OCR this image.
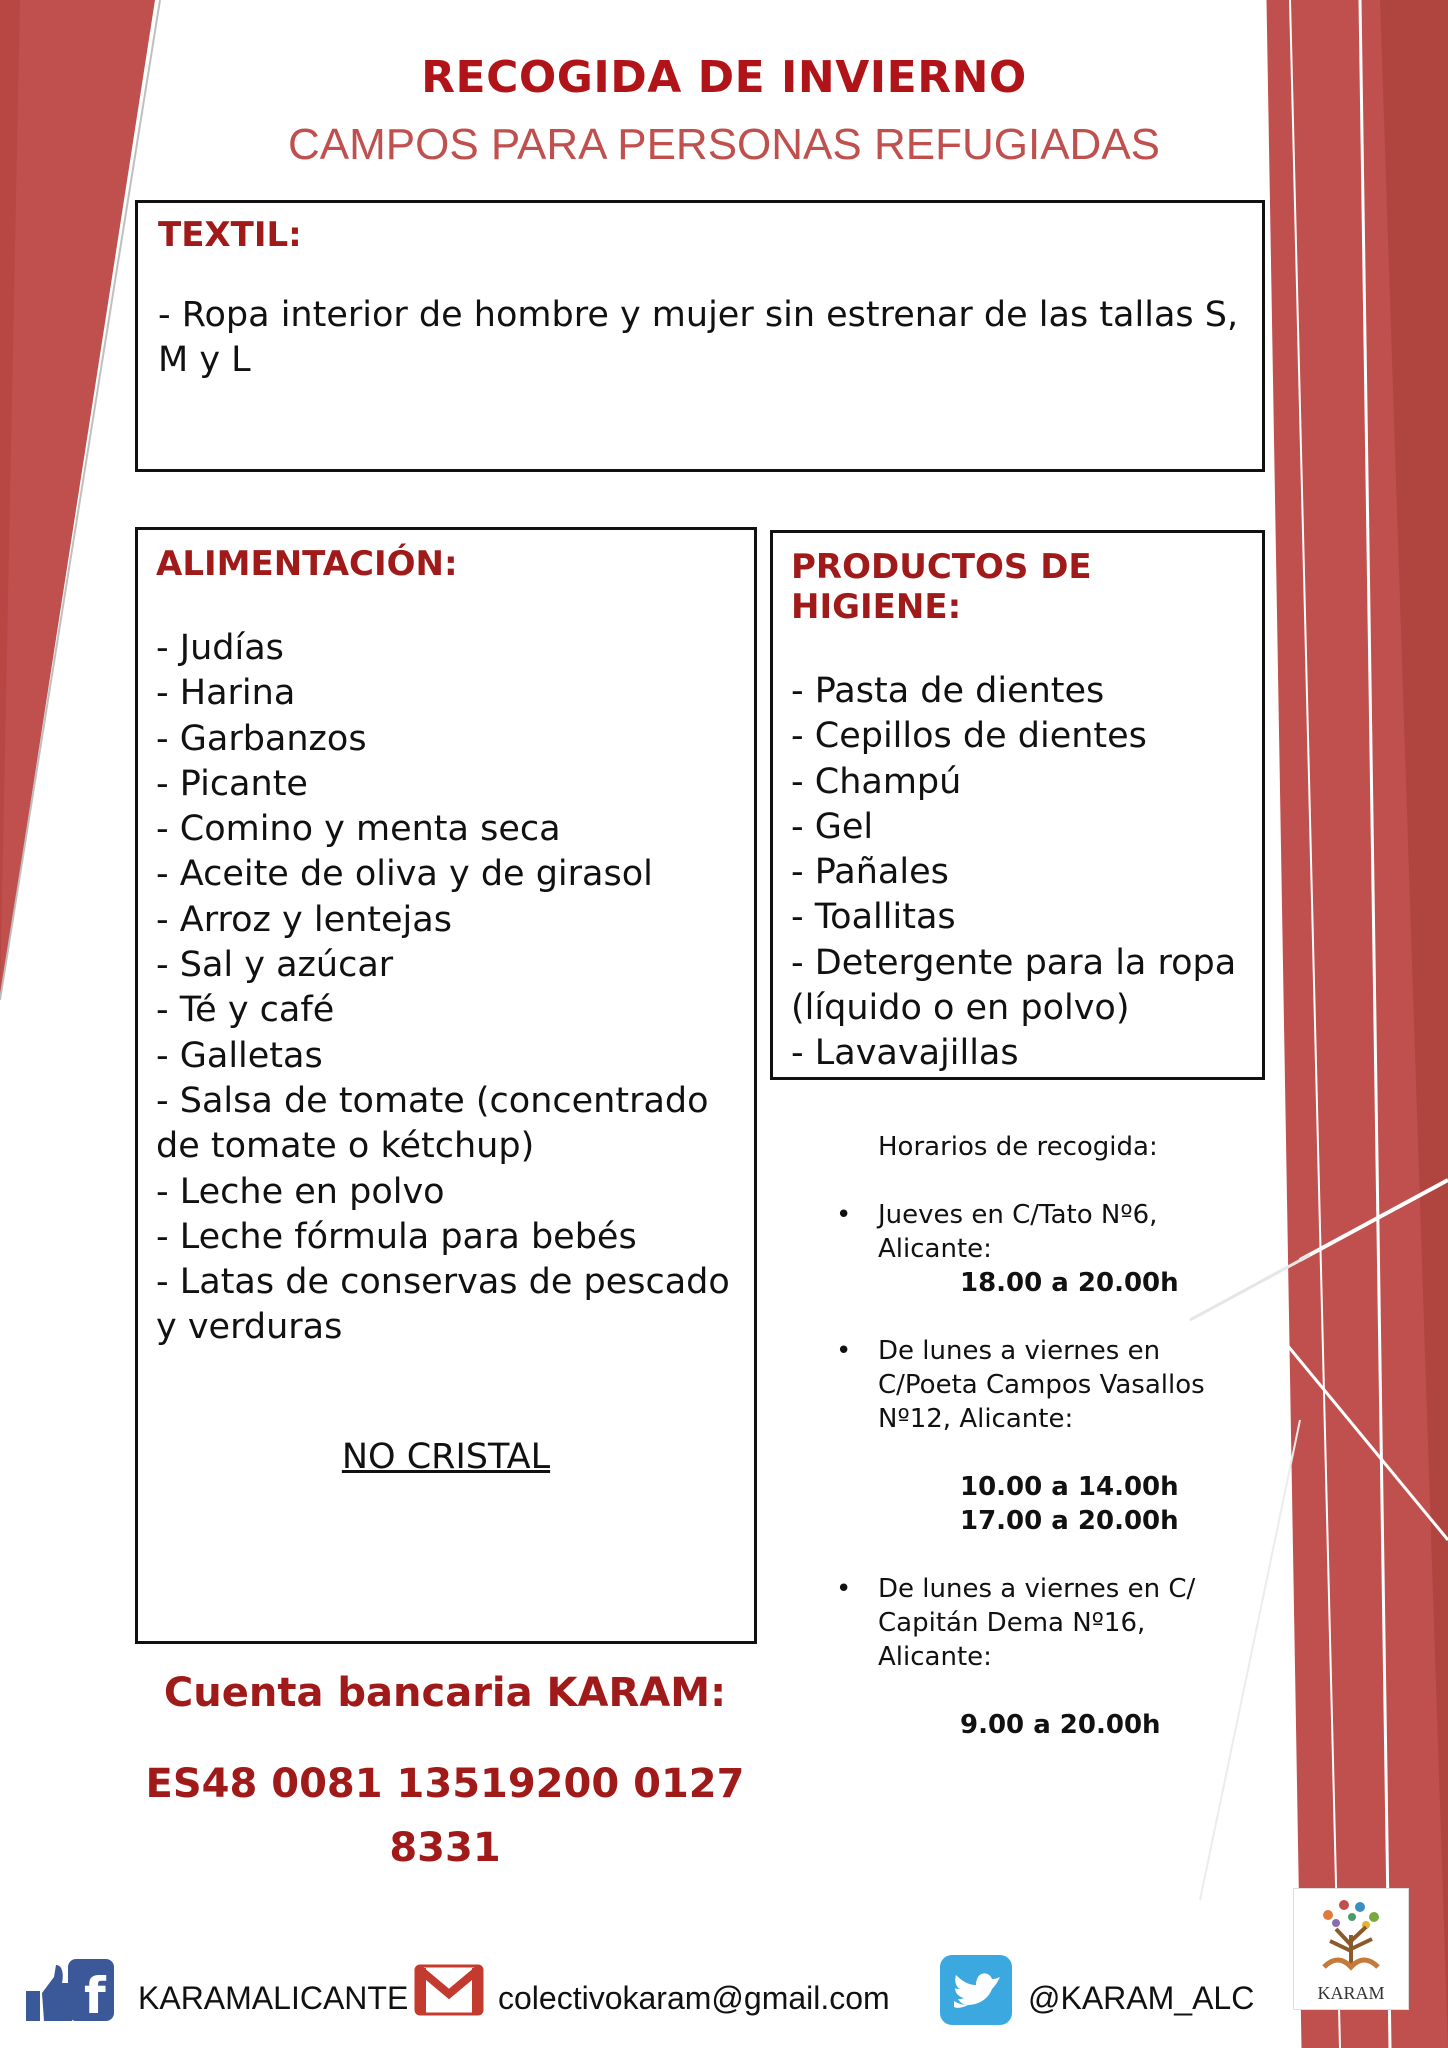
RECOGIDA DE INVIERNO
CAMPOS PARA PERSONAS REFUGIADAS
TEXTIL:
- Ropa interior de hombre y mujer sin estrenar de las tallas S, M y L
ALIMENTACIÓN:
- Judías
- Harina
- Garbanzos
- Picante
- Comino y menta seca
- Aceite de oliva y de girasol
- Arroz y lentejas
- Sal y azúcar
- Té y café
- Galletas
- Salsa de tomate (concentrado de tomate o kétchup)
- Leche en polvo
- Leche fórmula para bebés
- Latas de conservas de pescado y verduras
NO CRISTAL
PRODUCTOS DE HIGIENE:
- Pasta de dientes
- Cepillos de dientes
- Champú
- Gel
- Pañales
- Toallitas
- Detergente para la ropa (líquido o en polvo)
- Lavavajillas
Horarios de recogida:
• Jueves en C/Tato Nº6, Alicante:
18.00 a 20.00h
• De lunes a viernes en C/Poeta Campos Vasallos Nº12, Alicante:
10.00 a 14.00h
17.00 a 20.00h
• De lunes a viernes en C/ Capitán Dema Nº16, Alicante:
9.00 a 20.00h
Cuenta bancaria KARAM:
ES48 0081 13519200 0127
8331
f KARAMALICANTE	colectivokaram@gmail.com	@KARAM_ALC	KARAM
